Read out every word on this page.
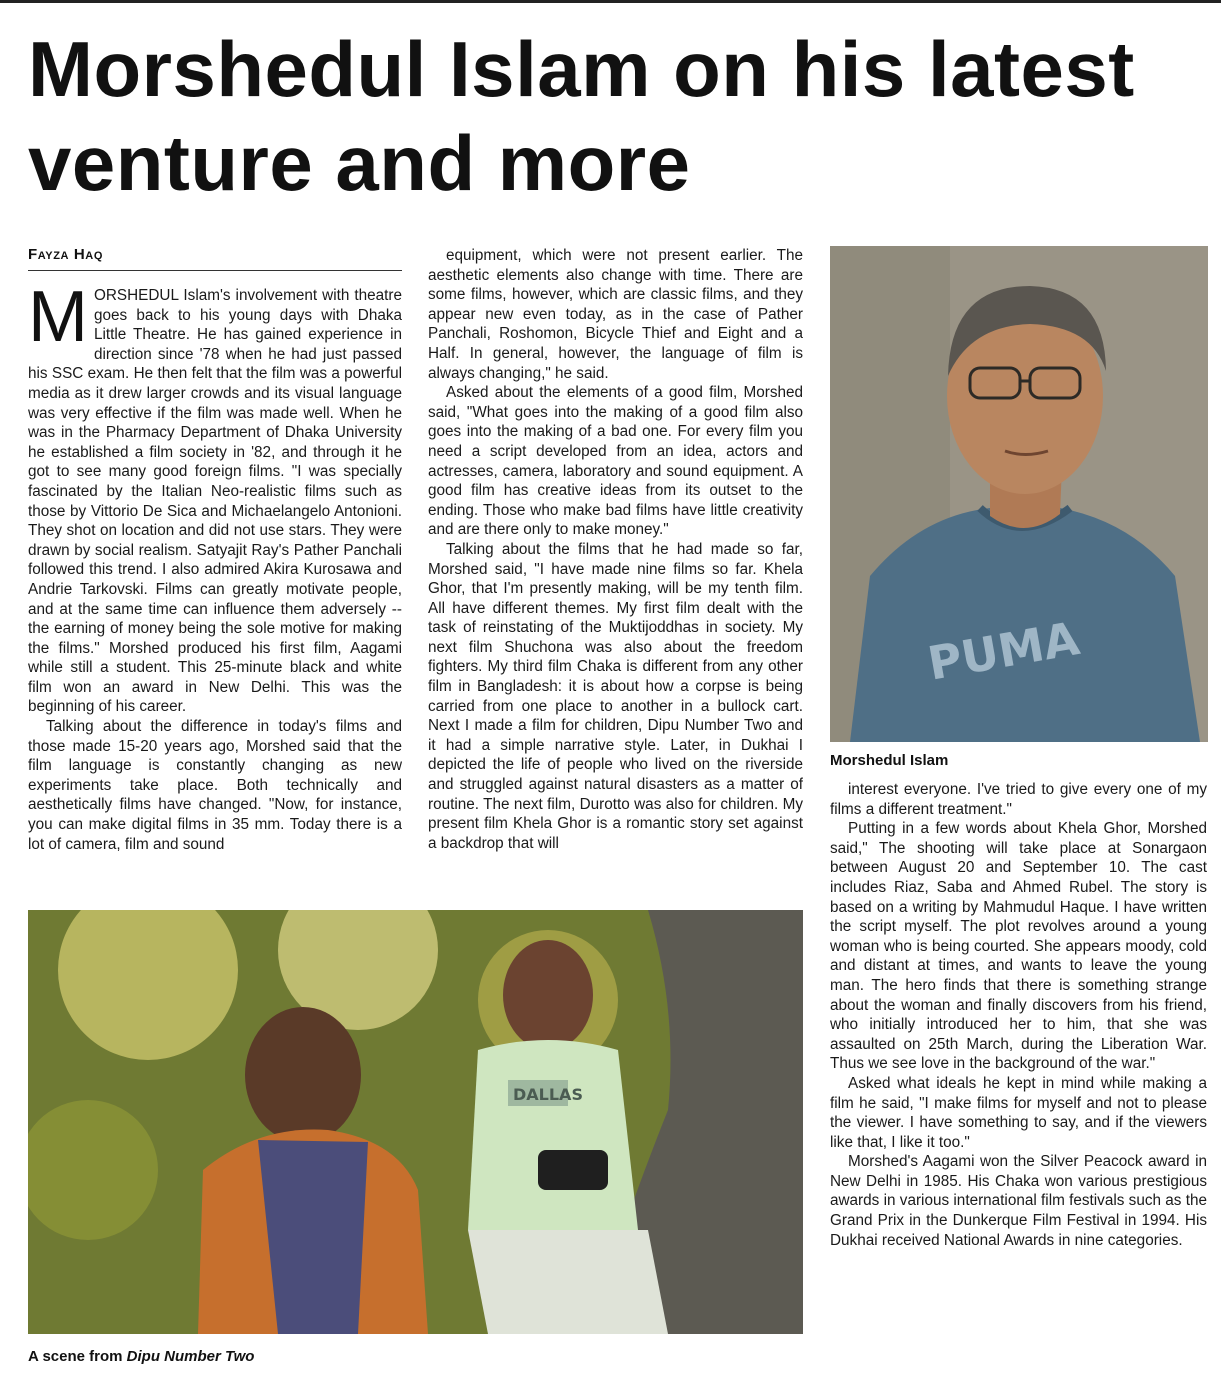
Morshedul Islam on his latest
venture and more
Fayza Haq

MORSHEDUL Islam's involvement with theatre goes back to his young days with Dhaka Little Theatre. He has gained experience in direction since '78 when he had just passed his SSC exam. He then felt that the film was a powerful media as it drew larger crowds and its visual language was very effective if the film was made well. When he was in the Pharmacy Department of Dhaka University he established a film society in '82, and through it he got to see many good foreign films. "I was specially fascinated by the Italian Neo-realistic films such as those by Vittorio De Sica and Michaelangelo Antonioni. They shot on location and did not use stars. They were drawn by social realism. Satyajit Ray's Pather Panchali followed this trend. I also admired Akira Kurosawa and Andrie Tarkovski. Films can greatly motivate people, and at the same time can influence them adversely -- the earning of money being the sole motive for making the films." Morshed produced his first film, Aagami while still a student. This 25-minute black and white film won an award in New Delhi. This was the beginning of his career.

Talking about the difference in today's films and those made 15-20 years ago, Morshed said that the film language is constantly changing as new experiments take place. Both technically and aesthetically films have changed. "Now, for instance, you can make digital films in 35 mm. Today there is a lot of camera, film and sound

equipment, which were not present earlier. The aesthetic elements also change with time. There are some films, however, which are classic films, and they appear new even today, as in the case of Pather Panchali, Roshomon, Bicycle Thief and Eight and a Half. In general, however, the language of film is always changing," he said.

Asked about the elements of a good film, Morshed said, "What goes into the making of a good film also goes into the making of a bad one. For every film you need a script developed from an idea, actors and actresses, camera, laboratory and sound equipment. A good film has creative ideas from its outset to the ending. Those who make bad films have little creativity and are there only to make money."

Talking about the films that he had made so far, Morshed said, "I have made nine films so far. Khela Ghor, that I'm presently making, will be my tenth film. All have different themes. My first film dealt with the task of reinstating of the Muktijoddhas in society. My next film Shuchona was also about the freedom fighters. My third film Chaka is different from any other film in Bangladesh: it is about how a corpse is being carried from one place to another in a bullock cart. Next I made a film for children, Dipu Number Two and it had a simple narrative style. Later, in Dukhai I depicted the life of people who lived on the riverside and struggled against natural disasters as a matter of routine. The next film, Durotto was also for children. My present film Khela Ghor is a romantic story set against a backdrop that will

PUMA
Morshedul Islam

interest everyone. I've tried to give every one of my films a different treatment."

Putting in a few words about Khela Ghor, Morshed said," The shooting will take place at Sonargaon between August 20 and September 10. The cast includes Riaz, Saba and Ahmed Rubel. The story is based on a writing by Mahmudul Haque. I have written the script myself. The plot revolves around a young woman who is being courted. She appears moody, cold and distant at times, and wants to leave the young man. The hero finds that there is something strange about the woman and finally discovers from his friend, who initially introduced her to him, that she was assaulted on 25th March, during the Liberation War. Thus we see love in the background of the war."

Asked what ideals he kept in mind while making a film he said, "I make films for myself and not to please the viewer. I have something to say, and if the viewers like that, I like it too."

Morshed's Aagami won the Silver Peacock award in New Delhi in 1985. His Chaka won various prestigious awards in various international film festivals such as the Grand Prix in the Dunkerque Film Festival in 1994. His Dukhai received National Awards in nine categories.

DALLAS
A scene from Dipu Number Two
